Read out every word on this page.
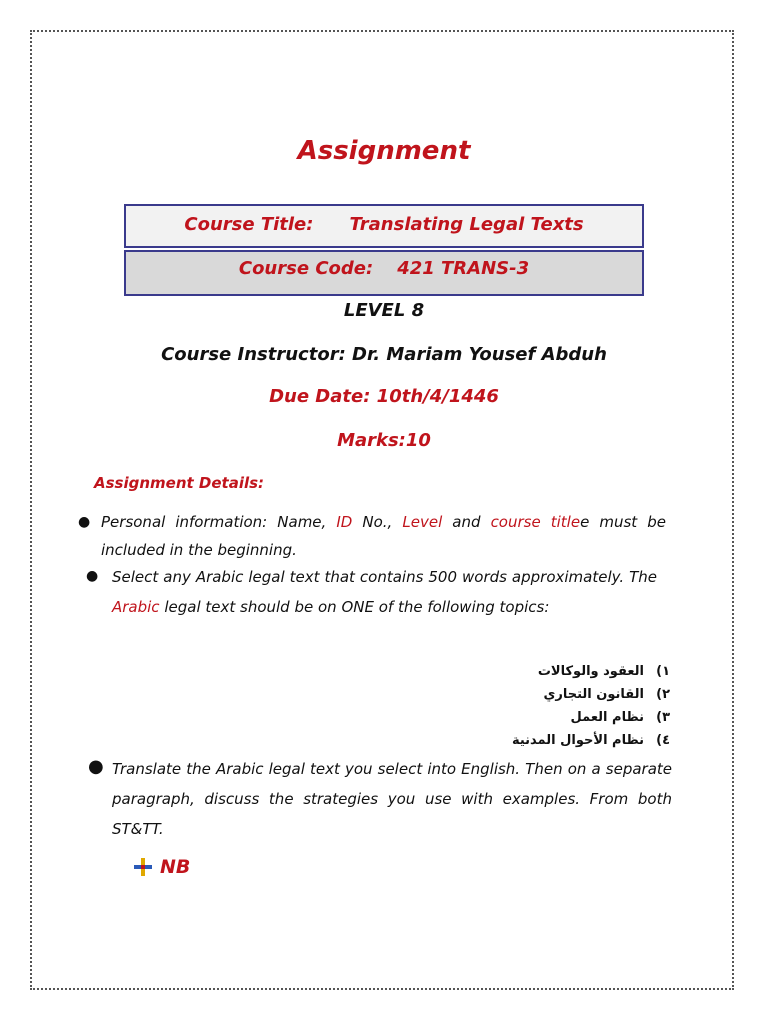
Assignment
Course Title: Translating Legal Texts
Course Code: 421 TRANS-3
LEVEL 8
Course Instructor: Dr. Mariam Yousef Abduh
Due Date: 10th/4/1446
Marks:10
Assignment Details:
● Personal information: Name, ID No., Level and course titlee must be included in the beginning.
● Select any Arabic legal text that contains 500 words approximately. The Arabic legal text should be on ONE of the following topics:
١)العقود والوكالات
٢)القانون التجاري
٣)نظام العمل
٤)نظام الأحوال المدنية
● Translate the Arabic legal text you select into English. Then on a separate paragraph, discuss the strategies you use with examples. From both ST&TT.
NB
